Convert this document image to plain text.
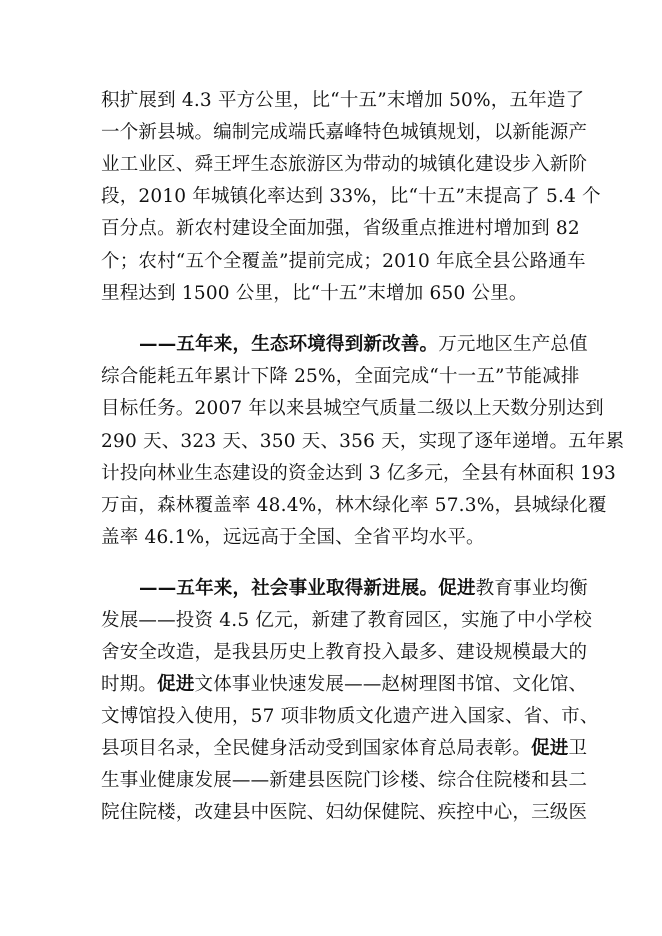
积扩展到 4.3 平方公里，比“十五”末增加 50%，五年造了
一个新县城。编制完成端氏嘉峰特色城镇规划，以新能源产
业工业区、舜王坪生态旅游区为带动的城镇化建设步入新阶
段，2010 年城镇化率达到 33%，比“十五”末提高了 5.4 个
百分点。新农村建设全面加强，省级重点推进村增加到 82
个；农村“五个全覆盖”提前完成；2010 年底全县公路通车
里程达到 1500 公里，比“十五”末增加 650 公里。
——五年来，生态环境得到新改善。万元地区生产总值
综合能耗五年累计下降 25%，全面完成“十一五”节能减排
目标任务。2007 年以来县城空气质量二级以上天数分别达到
290 天、323 天、350 天、356 天，实现了逐年递增。五年累
计投向林业生态建设的资金达到 3 亿多元，全县有林面积 193
万亩，森林覆盖率 48.4%，林木绿化率 57.3%，县城绿化覆
盖率 46.1%，远远高于全国、全省平均水平。
——五年来，社会事业取得新进展。促进教育事业均衡
发展——投资 4.5 亿元，新建了教育园区，实施了中小学校
舍安全改造，是我县历史上教育投入最多、建设规模最大的
时期。促进文体事业快速发展——赵树理图书馆、文化馆、
文博馆投入使用，57 项非物质文化遗产进入国家、省、市、
县项目名录，全民健身活动受到国家体育总局表彰。促进卫
生事业健康发展——新建县医院门诊楼、综合住院楼和县二
院住院楼，改建县中医院、妇幼保健院、疾控中心，三级医
